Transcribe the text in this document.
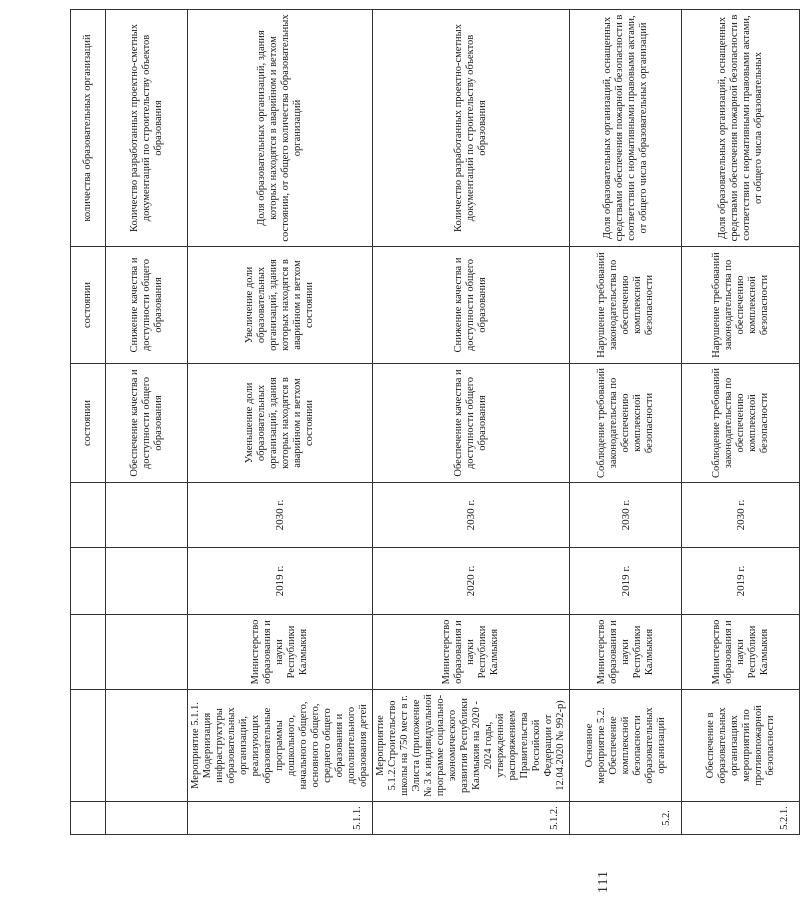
111
					состоянии	состоянии	количества образовательных организаций
					Обеспечение качества и доступности общего образования	Снижение качества и доступности общего образования	Количество разработанных проектно-сметных документаций по строительству объектов образования
5.1.1.	Мероприятие 5.1.1. Модернизация инфраструктуры образовательных организаций, реализующих образовательные программы дошкольного, начального общего, основного общего, среднего общего образования и дополнительного образования детей	Министерство образования и науки Республики Калмыкия	2019 г.	2030 г.	Уменьшение доли образовательных организаций, здания которых находятся в аварийном и ветхом состоянии	Увеличение доли образовательных организаций, здания которых находятся в аварийном и ветхом состоянии	Доля образовательных организаций, здания которых находятся в аварийном и ветхом состоянии, от общего количества образовательных организаций
5.1.2.	Мероприятие 5.1.2.Строительство школы на 750 мест в г. Элиста (приложение № 3 к индивидуальной программе социально-экономического развития Республики Калмыкия на 2020 - 2024 годы, утвержденной распоряжением Правительства Российской Федерации от 12.04.2020 № 992-р)	Министерство образования и науки Республики Калмыкия	2020 г.	2030 г.	Обеспечение качества и доступности общего образования	Снижение качества и доступности общего образования	Количество разработанных проектно-сметных документаций по строительству объектов образования
5.2.	Основное мероприятие 5.2. Обеспечение комплексной безопасности образовательных организаций	Министерство образования и науки Республики Калмыкия	2019 г.	2030 г.	Соблюдение требований законодательства по обеспечению комплексной безопасности	Нарушение требований законодательства по обеспечению комплексной безопасности	Доля образовательных организаций, оснащенных средствами обеспечения пожарной безопасности в соответствии с нормативными правовыми актами, от общего числа образовательных организаций
5.2.1.	Обеспечение в образовательных организациях мероприятий по противопожарной безопасности	Министерство образования и науки Республики Калмыкия	2019 г.	2030 г.	Соблюдение требований законодательства по обеспечению комплексной безопасности	Нарушение требований законодательства по обеспечению комплексной безопасности	Доля образовательных организаций, оснащенных средствами обеспечения пожарной безопасности в соответствии с нормативными правовыми актами, от общего числа образовательных
